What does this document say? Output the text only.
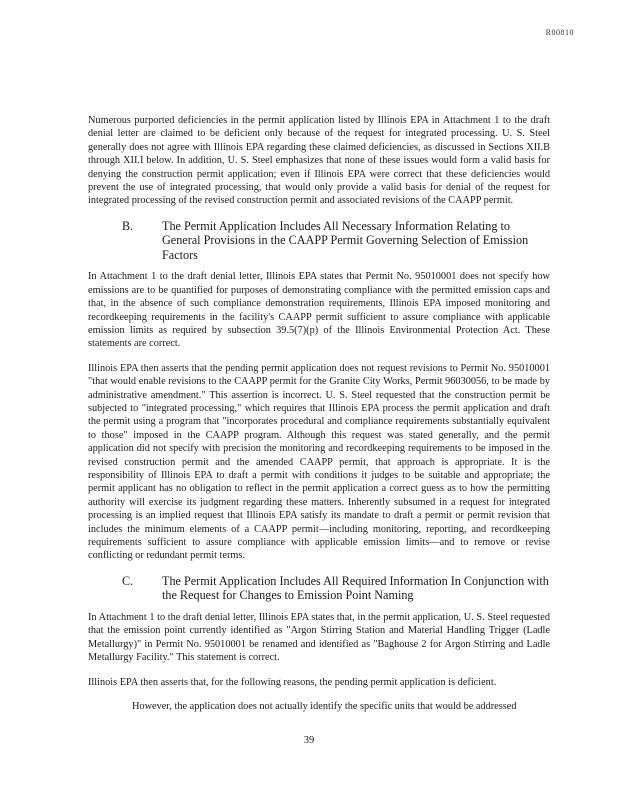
R00810

Numerous purported deficiencies in the permit application listed by Illinois EPA in Attachment 1 to the draft denial letter are claimed to be deficient only because of the request for integrated processing. U. S. Steel generally does not agree with Illinois EPA regarding these claimed deficiencies, as discussed in Sections XII.B through XII.I below. In addition, U. S. Steel emphasizes that none of these issues would form a valid basis for denying the construction permit application; even if Illinois EPA were correct that these deficiencies would prevent the use of integrated processing, that would only provide a valid basis for denial of the request for integrated processing of the revised construction permit and associated revisions of the CAAPP permit.

B.	The Permit Application Includes All Necessary Information Relating to General Provisions in the CAAPP Permit Governing Selection of Emission Factors

In Attachment 1 to the draft denial letter, Illinois EPA states that Permit No. 95010001 does not specify how emissions are to be quantified for purposes of demonstrating compliance with the permitted emission caps and that, in the absence of such compliance demonstration requirements, Illinois EPA imposed monitoring and recordkeeping requirements in the facility's CAAPP permit sufficient to assure compliance with applicable emission limits as required by subsection 39.5(7)(p) of the Illinois Environmental Protection Act. These statements are correct.

Illinois EPA then asserts that the pending permit application does not request revisions to Permit No. 95010001 "that would enable revisions to the CAAPP permit for the Granite City Works, Permit 96030056, to be made by administrative amendment." This assertion is incorrect. U. S. Steel requested that the construction permit be subjected to "integrated processing," which requires that Illinois EPA process the permit application and draft the permit using a program that "incorporates procedural and compliance requirements substantially equivalent to those" imposed in the CAAPP program. Although this request was stated generally, and the permit application did not specify with precision the monitoring and recordkeeping requirements to be imposed in the revised construction permit and the amended CAAPP permit, that approach is appropriate. It is the responsibility of Illinois EPA to draft a permit with conditions it judges to be suitable and appropriate; the permit applicant has no obligation to reflect in the permit application a correct guess as to how the permitting authority will exercise its judgment regarding these matters. Inherently subsumed in a request for integrated processing is an implied request that Illinois EPA satisfy its mandate to draft a permit or permit revision that includes the minimum elements of a CAAPP permit—including monitoring, reporting, and recordkeeping requirements sufficient to assure compliance with applicable emission limits—and to remove or revise conflicting or redundant permit terms.

C.	The Permit Application Includes All Required Information In Conjunction with the Request for Changes to Emission Point Naming

In Attachment 1 to the draft denial letter, Illinois EPA states that, in the permit application, U. S. Steel requested that the emission point currently identified as "Argon Stirring Station and Material Handling Trigger (Ladle Metallurgy)" in Permit No. 95010001 be renamed and identified as "Baghouse 2 for Argon Stirring and Ladle Metallurgy Facility." This statement is correct.

Illinois EPA then asserts that, for the following reasons, the pending permit application is deficient.

However, the application does not actually identify the specific units that would be addressed

39
